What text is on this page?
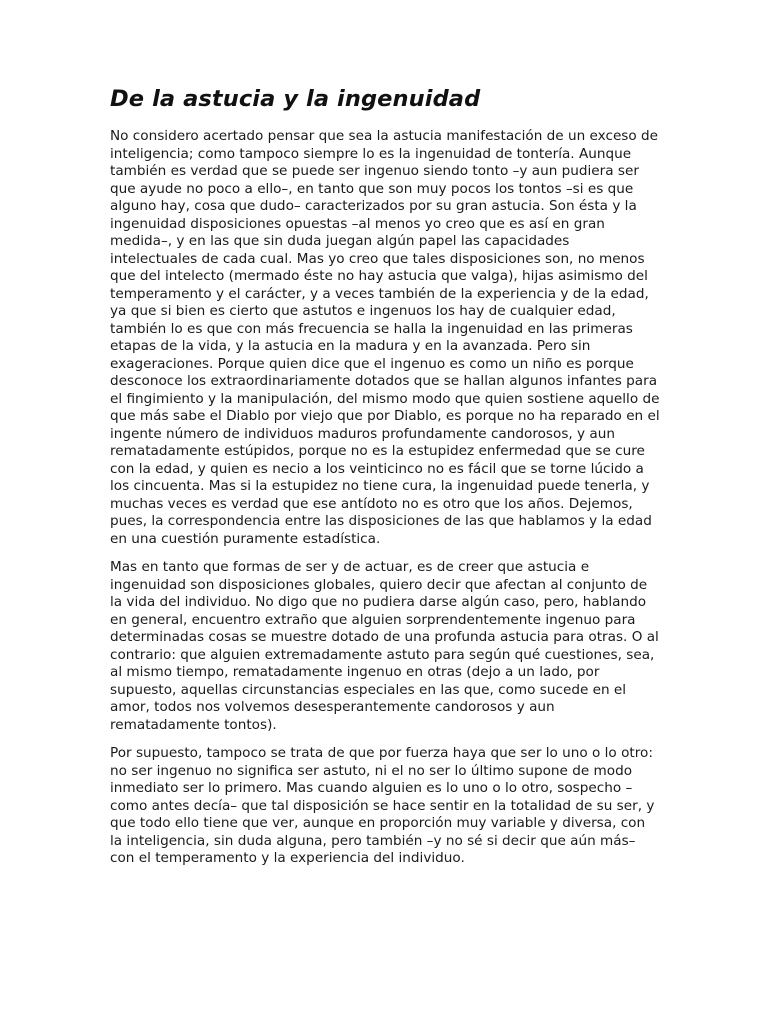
De la astucia y la ingenuidad

No considero acertado pensar que sea la astucia manifestación de un exceso de inteligencia; como tampoco siempre lo es la ingenuidad de tontería. Aunque también es verdad que se puede ser ingenuo siendo tonto –y aun pudiera ser que ayude no poco a ello–, en tanto que son muy pocos los tontos –si es que alguno hay, cosa que dudo– caracterizados por su gran astucia. Son ésta y la ingenuidad disposiciones opuestas –al menos yo creo que es así en gran medida–, y en las que sin duda juegan algún papel las capacidades intelectuales de cada cual. Mas yo creo que tales disposiciones son, no menos que del intelecto (mermado éste no hay astucia que valga), hijas asimismo del temperamento y el carácter, y a veces también de la experiencia y de la edad, ya que si bien es cierto que astutos e ingenuos los hay de cualquier edad, también lo es que con más frecuencia se halla la ingenuidad en las primeras etapas de la vida, y la astucia en la madura y en la avanzada. Pero sin exageraciones. Porque quien dice que el ingenuo es como un niño es porque desconoce los extraordinariamente dotados que se hallan algunos infantes para el fingimiento y la manipulación, del mismo modo que quien sostiene aquello de que más sabe el Diablo por viejo que por Diablo, es porque no ha reparado en el ingente número de individuos maduros profundamente candorosos, y aun rematadamente estúpidos, porque no es la estupidez enfermedad que se cure con la edad, y quien es necio a los veinticinco no es fácil que se torne lúcido a los cincuenta. Mas si la estupidez no tiene cura, la ingenuidad puede tenerla, y muchas veces es verdad que ese antídoto no es otro que los años. Dejemos, pues, la correspondencia entre las disposiciones de las que hablamos y la edad en una cuestión puramente estadística.

Mas en tanto que formas de ser y de actuar, es de creer que astucia e ingenuidad son disposiciones globales, quiero decir que afectan al conjunto de la vida del individuo. No digo que no pudiera darse algún caso, pero, hablando en general, encuentro extraño que alguien sorprendentemente ingenuo para determinadas cosas se muestre dotado de una profunda astucia para otras. O al contrario: que alguien extremadamente astuto para según qué cuestiones, sea, al mismo tiempo, rematadamente ingenuo en otras (dejo a un lado, por supuesto, aquellas circunstancias especiales en las que, como sucede en el amor, todos nos volvemos desesperantemente candorosos y aun rematadamente tontos).

Por supuesto, tampoco se trata de que por fuerza haya que ser lo uno o lo otro: no ser ingenuo no significa ser astuto, ni el no ser lo último supone de modo inmediato ser lo primero. Mas cuando alguien es lo uno o lo otro, sospecho –como antes decía– que tal disposición se hace sentir en la totalidad de su ser, y que todo ello tiene que ver, aunque en proporción muy variable y diversa, con la inteligencia, sin duda alguna, pero también –y no sé si decir que aún más– con el temperamento y la experiencia del individuo.
